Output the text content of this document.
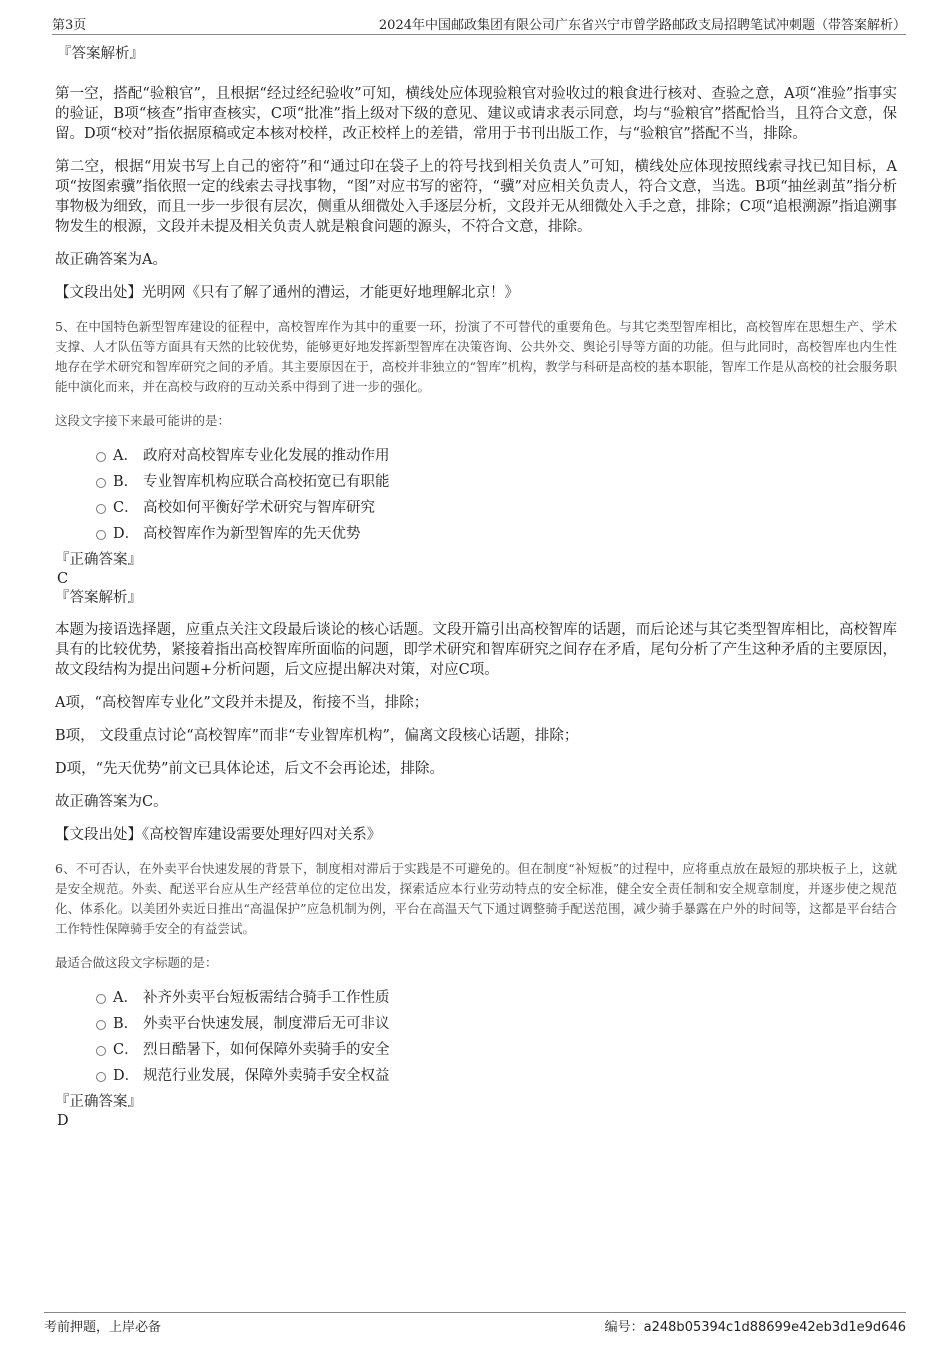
第3页	2024年中国邮政集团有限公司广东省兴宁市曾学路邮政支局招聘笔试冲刺题（带答案解析）

『答案解析』

第一空，搭配“验粮官”，且根据“经过经纪验收”可知，横线处应体现验粮官对验收过的粮食进行核对、查验之意，A项“准验”指事实的验证，B项“核查”指审查核实，C项“批准”指上级对下级的意见、建议或请求表示同意，均与“验粮官”搭配恰当，且符合文意，保留。D项“校对”指依据原稿或定本核对校样，改正校样上的差错，常用于书刊出版工作，与“验粮官”搭配不当，排除。

第二空，根据“用炭书写上自己的密符”和“通过印在袋子上的符号找到相关负责人”可知，横线处应体现按照线索寻找已知目标，A项“按图索骥”指依照一定的线索去寻找事物，“图”对应书写的密符，“骥”对应相关负责人，符合文意，当选。B项“抽丝剥茧”指分析事物极为细致，而且一步一步很有层次，侧重从细微处入手逐层分析，文段并无从细微处入手之意，排除；C项“追根溯源”指追溯事物发生的根源，文段并未提及相关负责人就是粮食问题的源头，不符合文意，排除。

故正确答案为A。

【文段出处】光明网《只有了解了通州的漕运，才能更好地理解北京！》

5、在中国特色新型智库建设的征程中，高校智库作为其中的重要一环，扮演了不可替代的重要角色。与其它类型智库相比，高校智库在思想生产、学术支撑、人才队伍等方面具有天然的比较优势，能够更好地发挥新型智库在决策咨询、公共外交、舆论引导等方面的功能。但与此同时，高校智库也内生性地存在学术研究和智库研究之间的矛盾。其主要原因在于，高校并非独立的“智库”机构，教学与科研是高校的基本职能，智库工作是从高校的社会服务职能中演化而来，并在高校与政府的互动关系中得到了进一步的强化。

这段文字接下来最可能讲的是：

A． 政府对高校智库专业化发展的推动作用
B． 专业智库机构应联合高校拓宽已有职能
C． 高校如何平衡好学术研究与智库研究
D． 高校智库作为新型智库的先天优势

『正确答案』

C

『答案解析』

本题为接语选择题，应重点关注文段最后谈论的核心话题。文段开篇引出高校智库的话题，而后论述与其它类型智库相比，高校智库具有的比较优势，紧接着指出高校智库所面临的问题，即学术研究和智库研究之间存在矛盾，尾句分析了产生这种矛盾的主要原因，故文段结构为提出问题+分析问题，后文应提出解决对策，对应C项。

A项，“高校智库专业化”文段并未提及，衔接不当，排除；

B项， 文段重点讨论“高校智库”而非“专业智库机构”，偏离文段核心话题，排除；

D项，“先天优势”前文已具体论述，后文不会再论述，排除。

故正确答案为C。

【文段出处】《高校智库建设需要处理好四对关系》

6、不可否认，在外卖平台快速发展的背景下，制度相对滞后于实践是不可避免的。但在制度“补短板”的过程中，应将重点放在最短的那块板子上，这就是安全规范。外卖、配送平台应从生产经营单位的定位出发，探索适应本行业劳动特点的安全标准，健全安全责任制和安全规章制度，并逐步使之规范化、体系化。以美团外卖近日推出“高温保护”应急机制为例，平台在高温天气下通过调整骑手配送范围，减少骑手暴露在户外的时间等，这都是平台结合工作特性保障骑手安全的有益尝试。

最适合做这段文字标题的是：

A． 补齐外卖平台短板需结合骑手工作性质
B． 外卖平台快速发展，制度滞后无可非议
C． 烈日酷暑下，如何保障外卖骑手的安全
D． 规范行业发展，保障外卖骑手安全权益

『正确答案』

D

考前押题，上岸必备	编号：a248b05394c1d88699e42eb3d1e9d646
